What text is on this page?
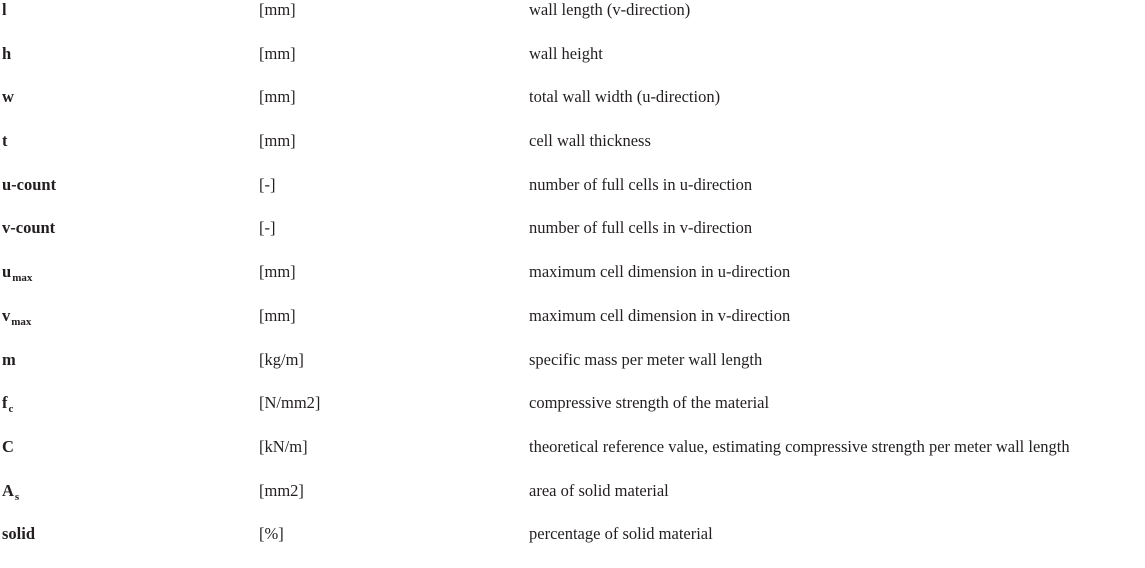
l	[mm]	wall length (v-direction)
h	[mm]	wall height
w	[mm]	total wall width (u-direction)
t	[mm]	cell wall thickness
u-count	[-]	number of full cells in u-direction
v-count	[-]	number of full cells in v-direction
$u_{max}$	[mm]	maximum cell dimension in u-direction
$v_{max}$	[mm]	maximum cell dimension in v-direction
m	[kg/m]	specific mass per meter wall length
$f_c$	[N/mm2]	compressive strength of the material
C	[kN/m]	theoretical reference value, estimating compressive strength per meter wall length
$A_s$	[mm2]	area of solid material
solid	[%]	percentage of solid material
